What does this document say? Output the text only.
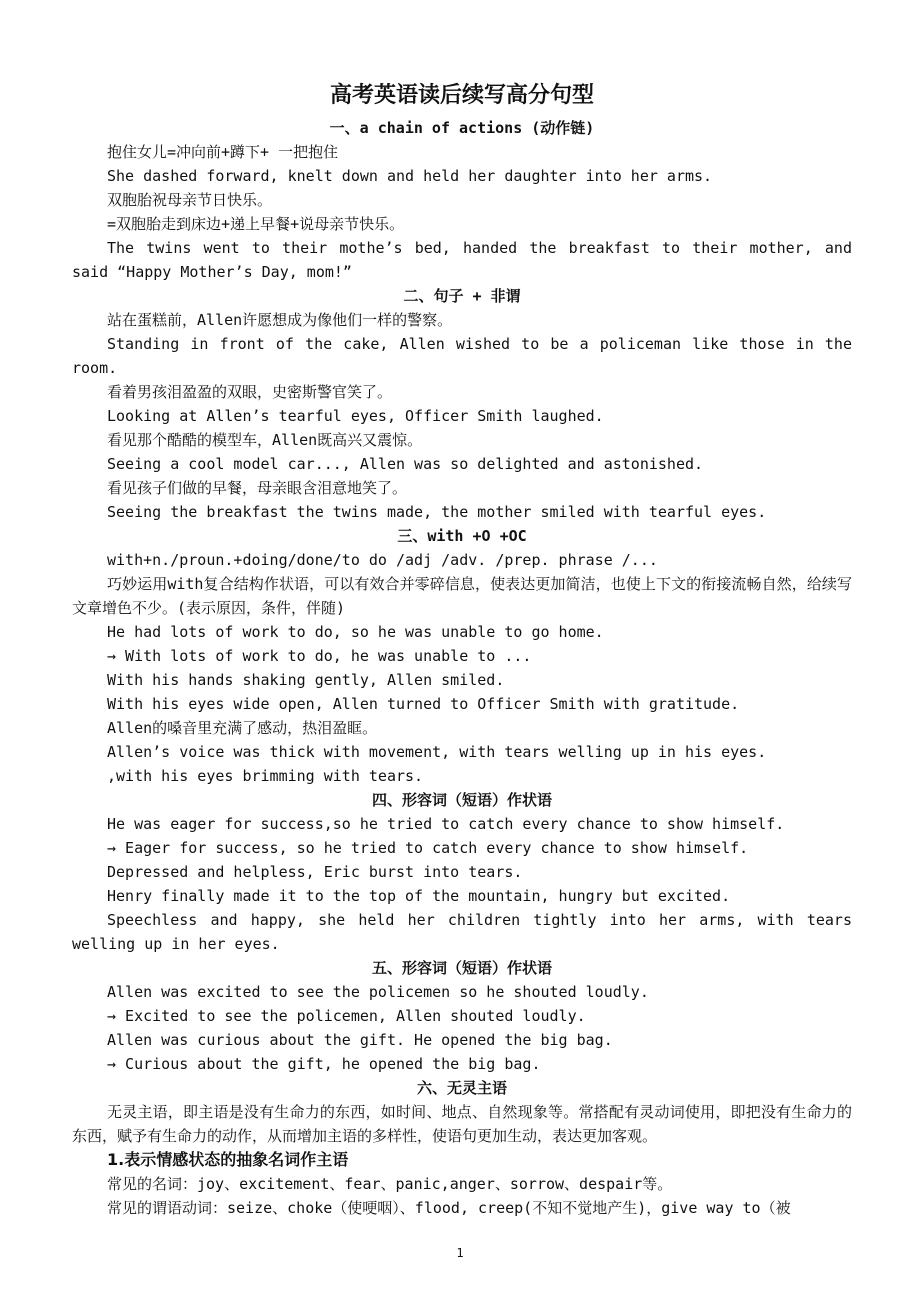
高考英语读后续写高分句型
一、a chain of actions (动作链)
抱住女儿=冲向前+蹲下+ 一把抱住
She dashed forward, knelt down and held her daughter into her arms.
双胞胎祝母亲节日快乐。
=双胞胎走到床边+递上早餐+说母亲节快乐。
The twins went to their mothe’s bed, handed the breakfast to their mother, and said “Happy Mother’s Day, mom!”
二、句子 + 非谓
站在蛋糕前，Allen许愿想成为像他们一样的警察。
Standing in front of the cake, Allen wished to be a policeman like those in the room.
看着男孩泪盈盈的双眼，史密斯警官笑了。
Looking at Allen’s tearful eyes, Officer Smith laughed.
看见那个酷酷的模型车，Allen既高兴又震惊。
Seeing a cool model car..., Allen was so delighted and astonished.
看见孩子们做的早餐，母亲眼含泪意地笑了。
Seeing the breakfast the twins made, the mother smiled with tearful eyes.
三、with +O +OC
with+n./proun.+doing/done/to do /adj /adv. /prep. phrase /...
巧妙运用with复合结构作状语，可以有效合并零碎信息，使表达更加简洁，也使上下文的衔接流畅自然，给续写文章增色不少。(表示原因，条件，伴随)
He had lots of work to do, so he was unable to go home.
→ With lots of work to do, he was unable to ...
With his hands shaking gently, Allen smiled.
With his eyes wide open, Allen turned to Officer Smith with gratitude.
Allen的嗓音里充满了感动，热泪盈眶。
Allen’s voice was thick with movement, with tears welling up in his eyes.
,with his eyes brimming with tears.
四、形容词（短语）作状语
He was eager for success,so he tried to catch every chance to show himself.
→ Eager for success, so he tried to catch every chance to show himself.
Depressed and helpless, Eric burst into tears.
Henry finally made it to the top of the mountain, hungry but excited.
Speechless and happy, she held her children tightly into her arms, with tears welling up in her eyes.
五、形容词（短语）作状语
Allen was excited to see the policemen so he shouted loudly.
→ Excited to see the policemen, Allen shouted loudly.
Allen was curious about the gift. He opened the big bag.
→ Curious about the gift, he opened the big bag.
六、无灵主语
无灵主语，即主语是没有生命力的东西，如时间、地点、自然现象等。常搭配有灵动词使用，即把没有生命力的东西，赋予有生命力的动作，从而增加主语的多样性，使语句更加生动，表达更加客观。
1.表示情感状态的抽象名词作主语
常见的名词：joy、excitement、fear、panic,anger、sorrow、despair等。
常见的谓语动词：seize、choke（使哽咽）、flood, creep(不知不觉地产生)，give way to（被
1
